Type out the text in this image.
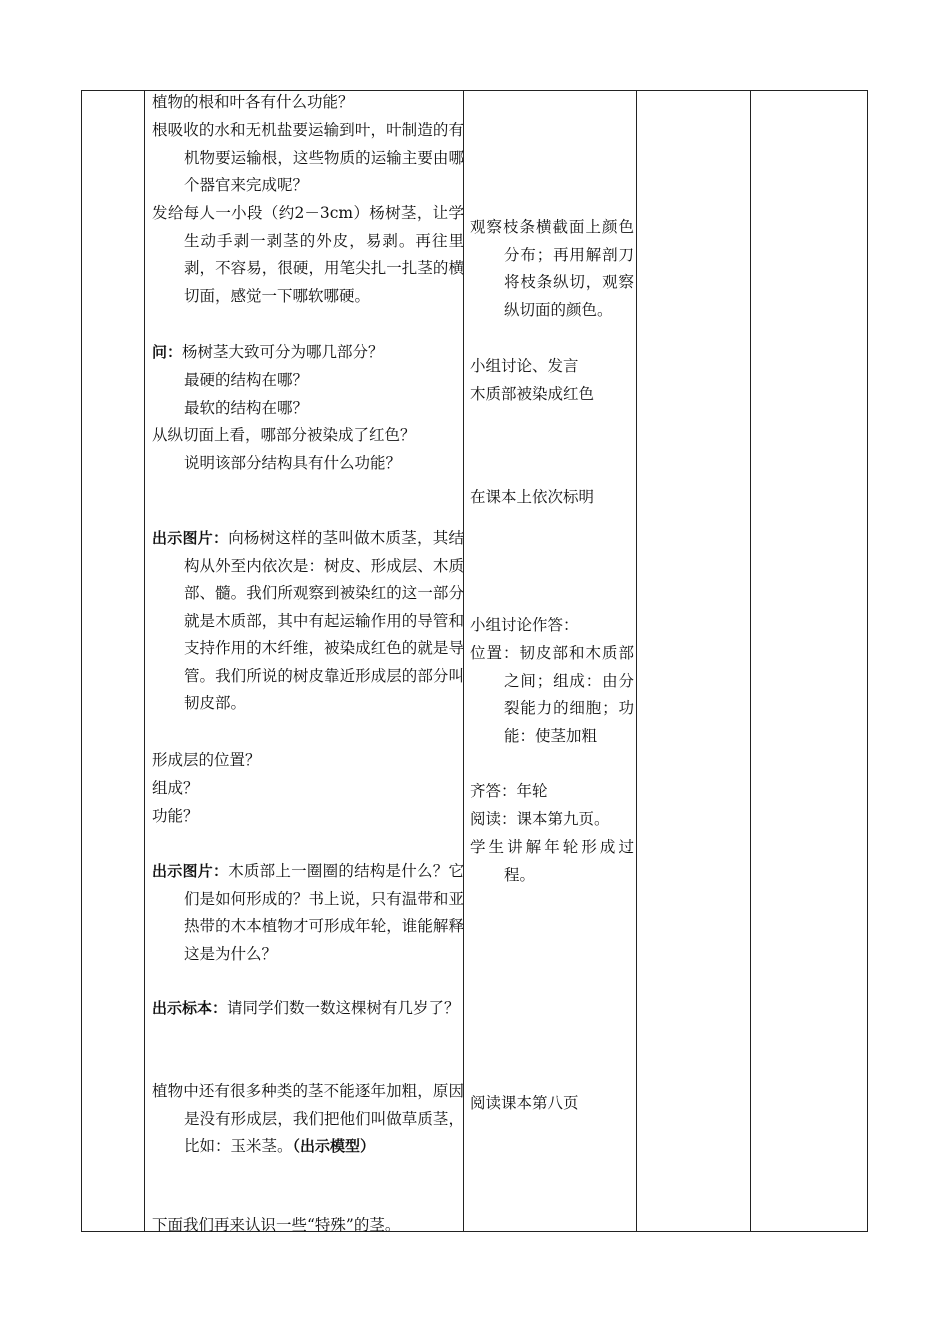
植物的根和叶各有什么功能？
根吸收的水和无机盐要运输到叶，叶制造的有机物要运输根，这些物质的运输主要由哪个器官来完成呢？
发给每人一小段（约2－3cm）杨树茎，让学生动手剥一剥茎的外皮，易剥。再往里剥，不容易，很硬，用笔尖扎一扎茎的横切面，感觉一下哪软哪硬。
问：杨树茎大致可分为哪几部分？
最硬的结构在哪？
最软的结构在哪？
从纵切面上看，哪部分被染成了红色？
说明该部分结构具有什么功能？
出示图片：向杨树这样的茎叫做木质茎，其结构从外至内依次是：树皮、形成层、木质部、髓。我们所观察到被染红的这一部分就是木质部，其中有起运输作用的导管和支持作用的木纤维，被染成红色的就是导管。我们所说的树皮靠近形成层的部分叫韧皮部。
形成层的位置？
组成？
功能？
出示图片：木质部上一圈圈的结构是什么？它们是如何形成的？书上说，只有温带和亚热带的木本植物才可形成年轮，谁能解释这是为什么？
出示标本：请同学们数一数这棵树有几岁了？
植物中还有很多种类的茎不能逐年加粗，原因是没有形成层，我们把他们叫做草质茎，比如：玉米茎。（出示模型）
下面我们再来认识一些“特殊”的茎。
观察枝条横截面上颜色分布；再用解剖刀将枝条纵切，观察纵切面的颜色。
小组讨论、发言
木质部被染成红色
在课本上依次标明
小组讨论作答：
位置：韧皮部和木质部之间；组成：由分裂能力的细胞；功能：使茎加粗
齐答：年轮
阅读：课本第九页。
学生讲解年轮形成过程。
阅读课本第八页
